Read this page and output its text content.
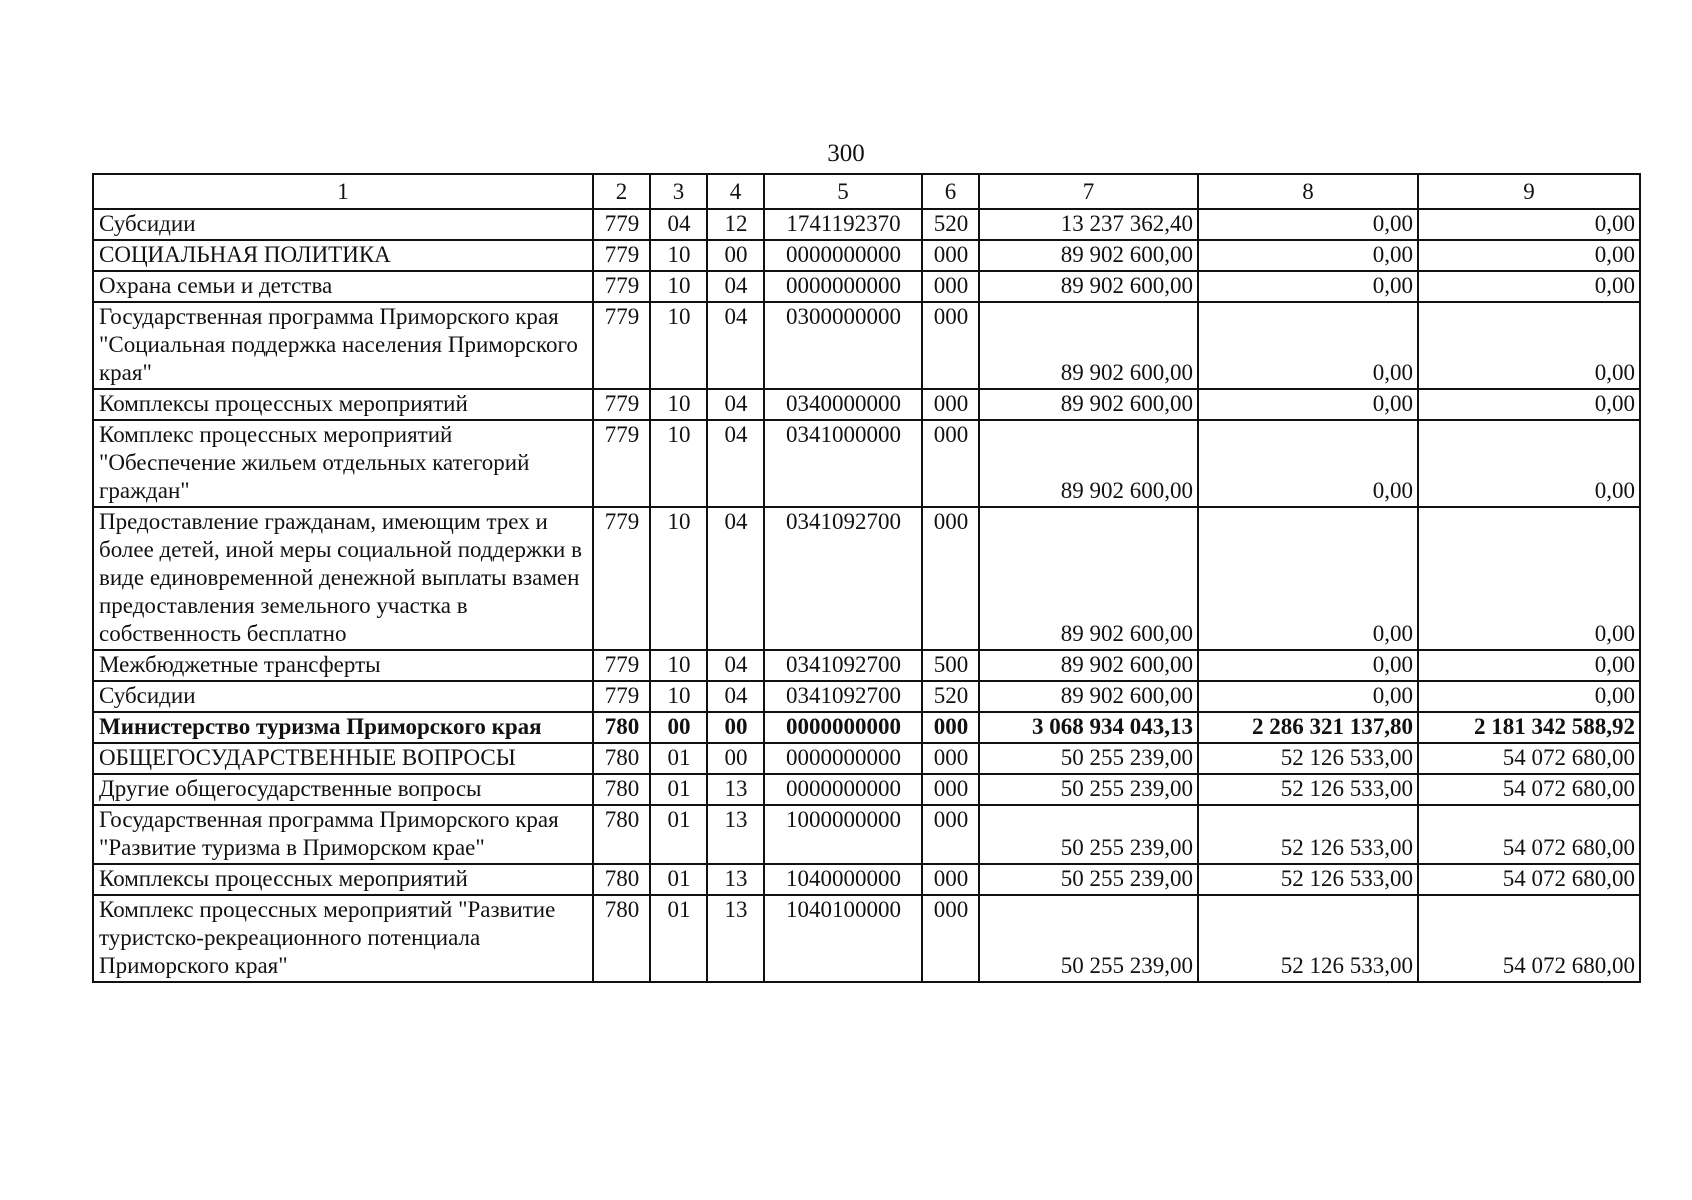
300
1	2	3	4	5	6	7	8	9
Субсидии	779	04	12	1741192370	520	13 237 362,40	0,00	0,00
СОЦИАЛЬНАЯ ПОЛИТИКА	779	10	00	0000000000	000	89 902 600,00	0,00	0,00
Охрана семьи и детства	779	10	04	0000000000	000	89 902 600,00	0,00	0,00
Государственная программа Приморского края "Социальная поддержка населения Приморского края"	779	10	04	0300000000	000	89 902 600,00	0,00	0,00
Комплексы процессных мероприятий	779	10	04	0340000000	000	89 902 600,00	0,00	0,00
Комплекс процессных мероприятий "Обеспечение жильем отдельных категорий граждан"	779	10	04	0341000000	000	89 902 600,00	0,00	0,00
Предоставление гражданам, имеющим трех и более детей, иной меры социальной поддержки в виде единовременной денежной выплаты взамен предоставления земельного участка в собственность бесплатно	779	10	04	0341092700	000	89 902 600,00	0,00	0,00
Межбюджетные трансферты	779	10	04	0341092700	500	89 902 600,00	0,00	0,00
Субсидии	779	10	04	0341092700	520	89 902 600,00	0,00	0,00
Министерство туризма Приморского края	780	00	00	0000000000	000	3 068 934 043,13	2 286 321 137,80	2 181 342 588,92
ОБЩЕГОСУДАРСТВЕННЫЕ ВОПРОСЫ	780	01	00	0000000000	000	50 255 239,00	52 126 533,00	54 072 680,00
Другие общегосударственные вопросы	780	01	13	0000000000	000	50 255 239,00	52 126 533,00	54 072 680,00
Государственная программа Приморского края "Развитие туризма в Приморском крае"	780	01	13	1000000000	000	50 255 239,00	52 126 533,00	54 072 680,00
Комплексы процессных мероприятий	780	01	13	1040000000	000	50 255 239,00	52 126 533,00	54 072 680,00
Комплекс процессных мероприятий "Развитие туристско-рекреационного потенциала Приморского края"	780	01	13	1040100000	000	50 255 239,00	52 126 533,00	54 072 680,00
